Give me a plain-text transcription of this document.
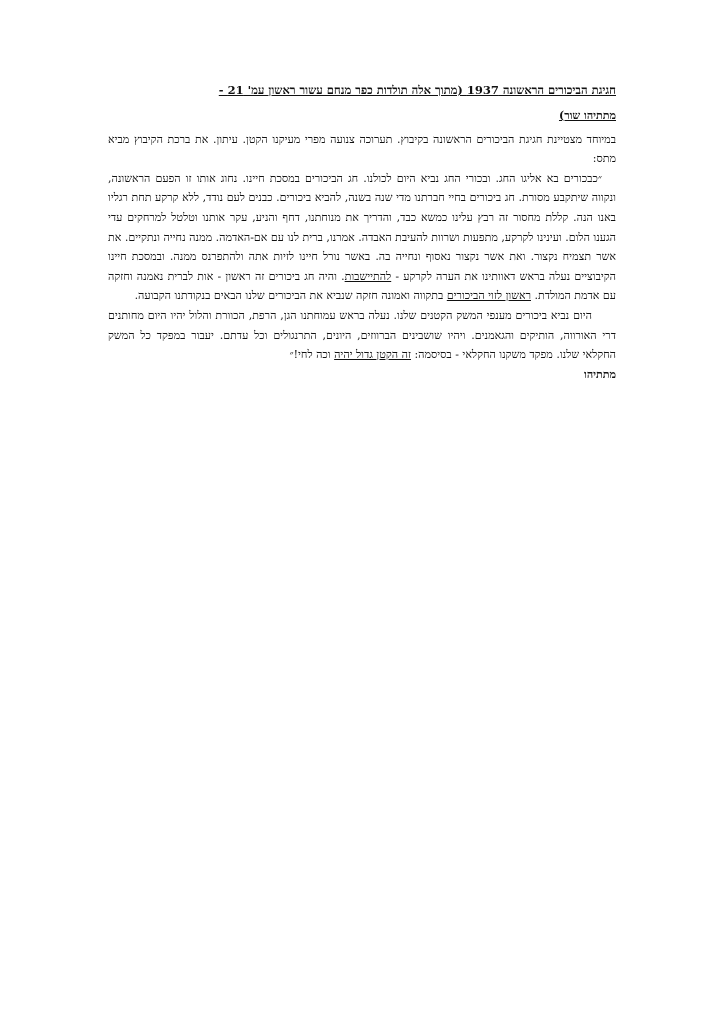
חגיגת הביכורים הראשונה 1937 (מתוך אלה תולדות כפר מנחם עשור ראשון עמ' 21 -
מתתיהו שור)

במיוחד מצטיינת חגיגת הביכורים הראשונה בקיבוץ. תערוכה צנועה מפרי מעיקנו הקטן. עיתון. את ברכת הקיבוץ מביא מתס:

״כבכורים בא אליגו החג. ובכורי החג נביא היום לכולנו. חג הביכורים במסכת חיינו. נחוג אותו זו הפעם הראשונה, ונקווה שיתקבע מסורת. חג ביכורים בחיי חברתנו מדי שנה בשנה, להביא ביכורים. כבנים לעם נודד, ללא קרקע תחת רגליו באנו הנה. קללת מחסור זה רבץ עלינו כמשא כבד, והדריך את מנוחתנו, דחף והניע, עקר אותנו וטלטל למרחקים עדי הגענו הלום. ועינינו לקרקע, מתפעות ושרוות להעיבת האבדה. אמרנו, ברית לנו עם אם-האדמה. ממנה נחייה ונתקיים. את אשר תצמיח נקצור. ואת אשר נקצור נאסוף ונחייה בה. באשר נורל חיינו לזיות אתה ולהתפרנס ממנה. ובמסכת חיינו הקיבוציים נעלה בראש דאוותינו את הערה לקרקע - להתיישבות. והיה חג ביכורים זה ראשון - אות לברית נאמנה וחזקה עם אדמת המולדת. ראשון לזוי הביכורים בתקווה ואמונה חזקה שנביא את הביכורים שלנו הבאים בנקודתנו הקבועה.

היום נביא ביכורים מענפי המשק הקטנים שלנו. נעלה בראש עמוחתנו הגן, הרפת, הכוורת והלול יהיו היום מחותנים דרי האורווה, הותיקים והגאמנים. ויהיו שושבינים הברווזים, היונים, התרנגולים וכל עדתם. יעבור במפקד כל המשק החקלאי שלנו. מפקד משקנו החקלאי - בסיסמה: זה הקטן גדול יהיה וכה לחי!״

מתתיהו
